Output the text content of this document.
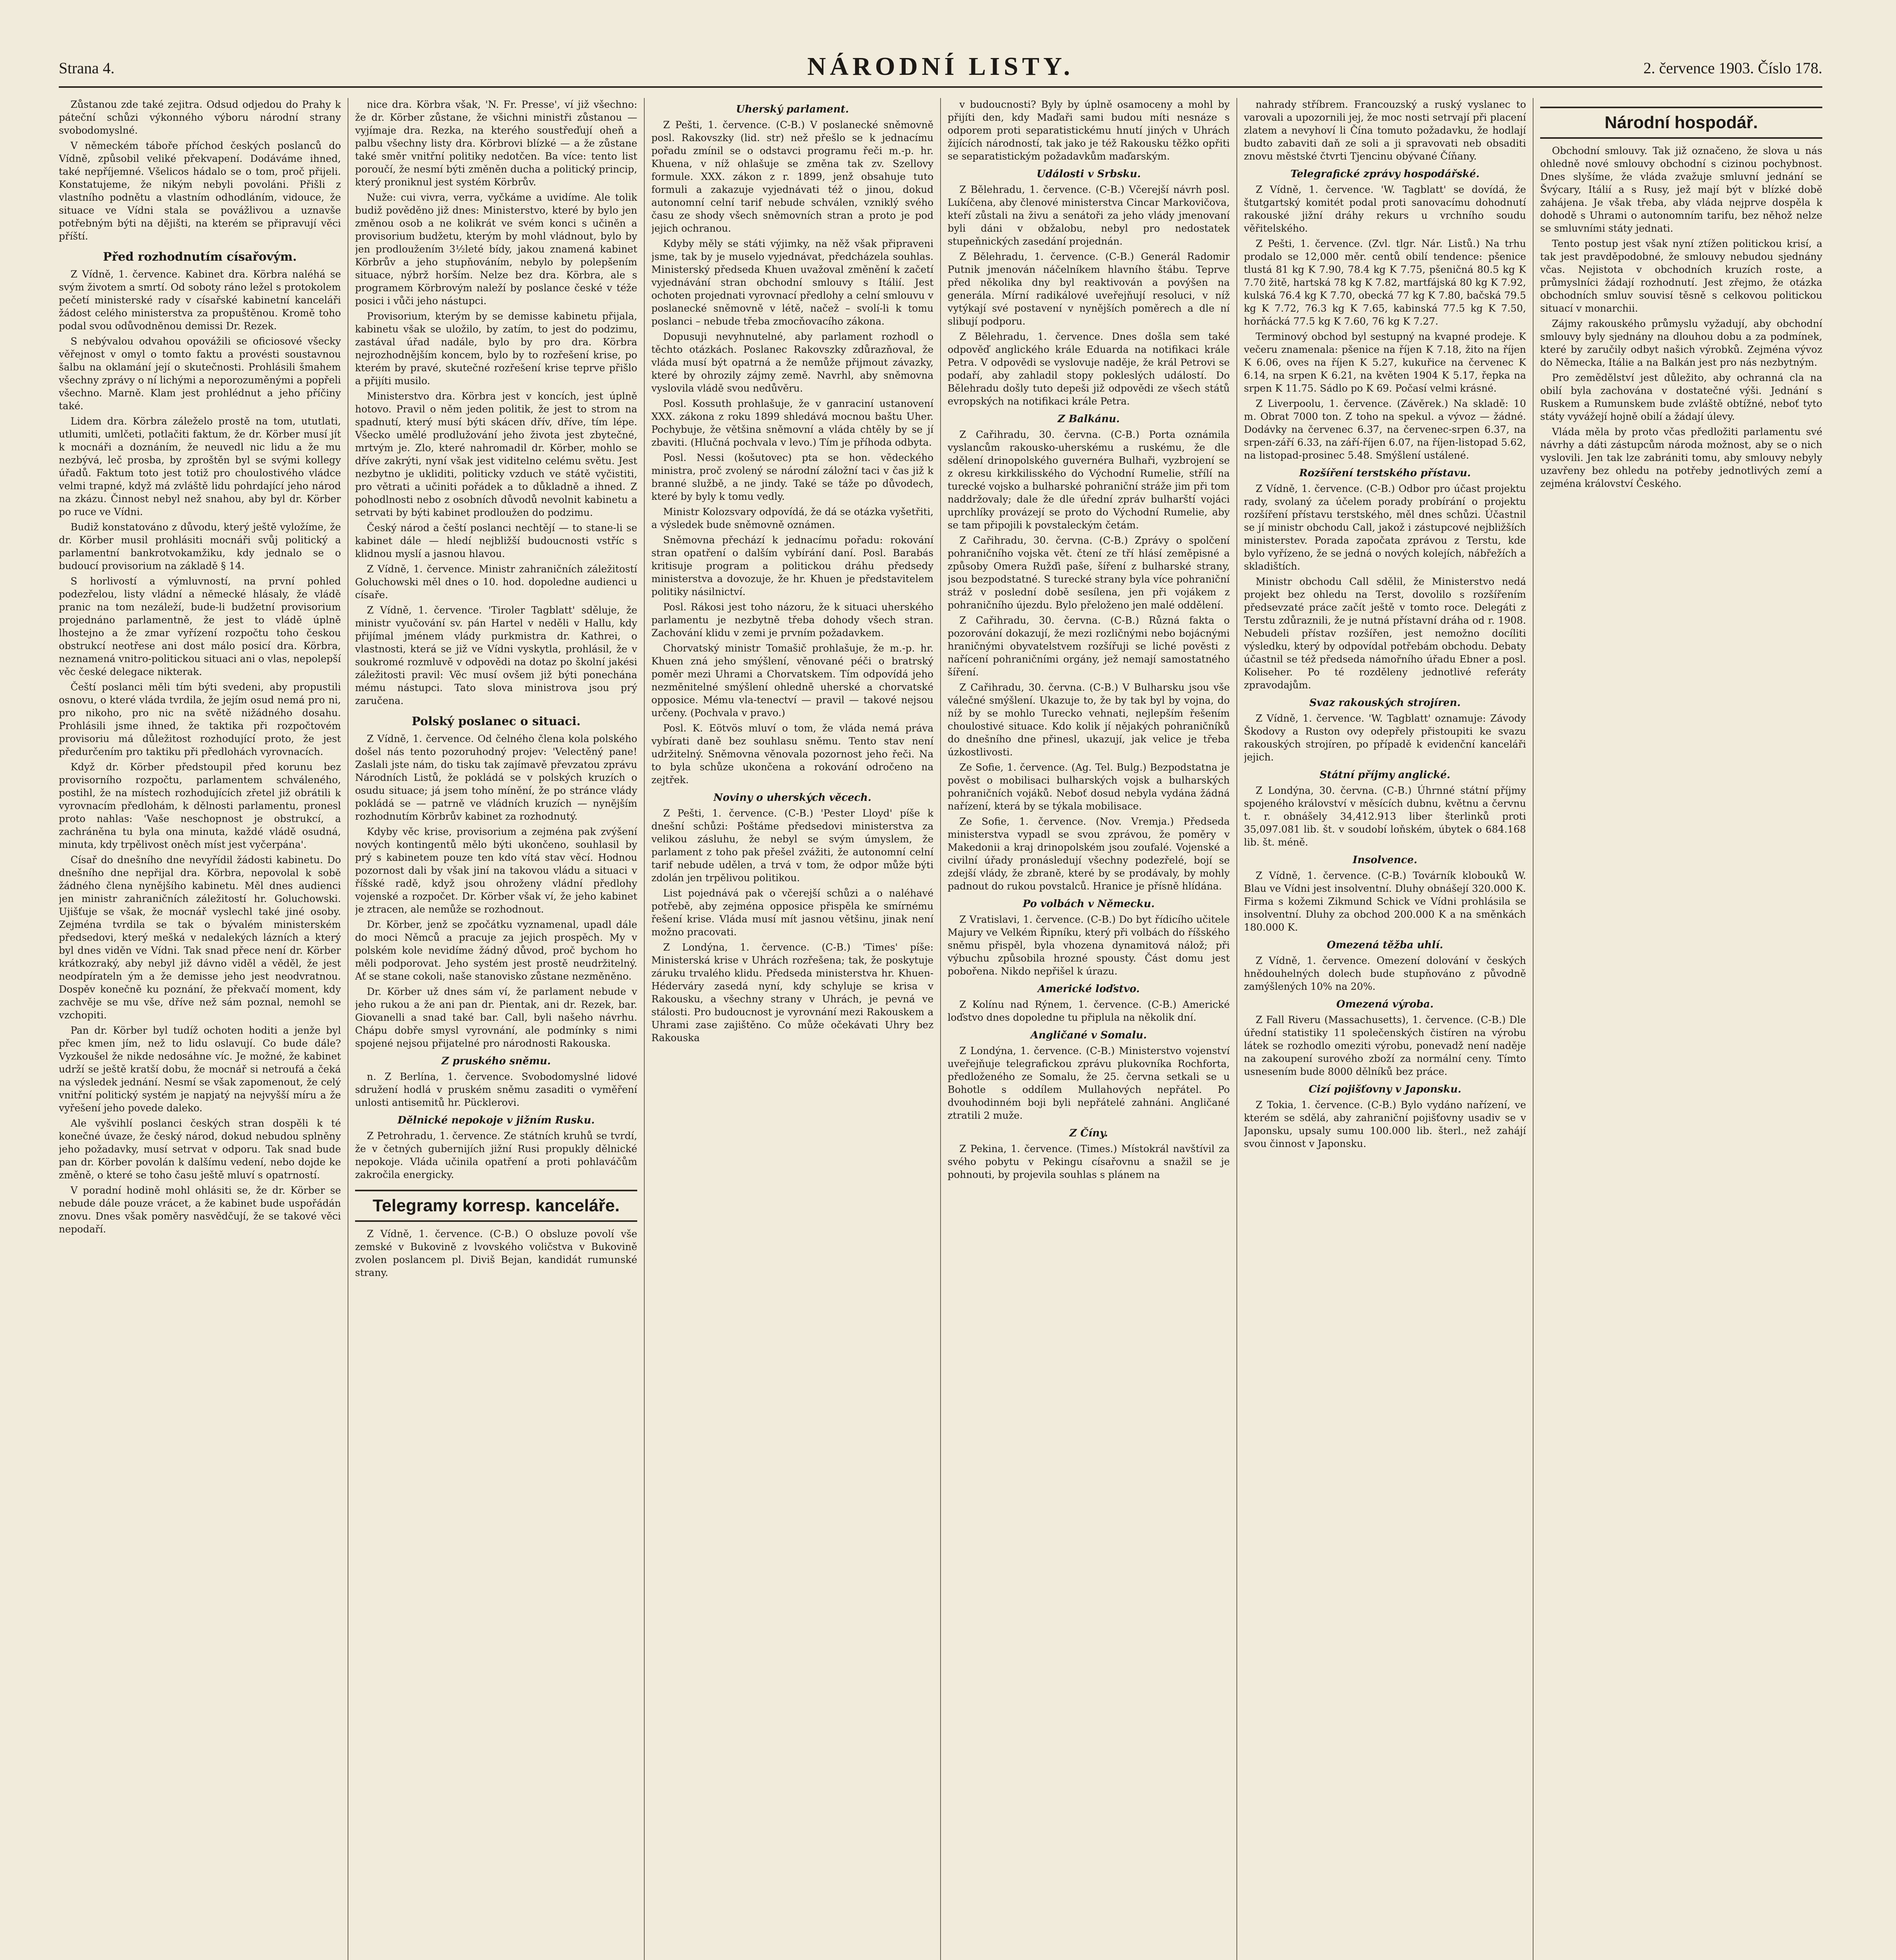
Strana 4.	NÁRODNÍ LISTY.	2. července 1903. Číslo 178.

Zůstanou zde také zejitra. Odsud odjedou do Prahy k páteční schůzi výkonného výboru národní strany svobodomyslné.

V německém táboře příchod českých poslanců do Vídně, způsobil veliké překvapení. Dodáváme ihned, také nepříjemné. Všelicos hádalo se o tom, proč přijeli. Konstatujeme, že nikým nebyli povoláni. Přišli z vlastního podnětu a vlastním odhodláním, vidouce, že situace ve Vídni stala se povážlivou a uznavše potřebným býti na dějišti, na kterém se připravují věci příští.

Před rozhodnutím císařovým.

Z Vídně, 1. července. Kabinet dra. Körbra naléhá se svým životem a smrtí. Od soboty ráno ležel s protokolem pečetí ministerské rady v císařské kabinetní kanceláři žádost celého ministerstva za propuštěnou. Kromě toho podal svou odůvodněnou demissi Dr. Rezek.

S nebývalou odvahou opovážili se oficiosové všecky věřejnost v omyl o tomto faktu a provésti soustavnou šalbu na oklamání její o skutečnosti. Prohlásili šmahem všechny zprávy o ní lichými a neporozuměnými a popřeli všechno. Marně. Klam jest prohlédnut a jeho příčiny také.

Lidem dra. Körbra záleželo prostě na tom, ututlati, utlumiti, umlčeti, potlačiti faktum, že dr. Körber musí jít k mocnáři a doznáním, že neuvedl nic lidu a že mu nezbývá, leč prosba, by zproštěn byl se svými kollegy úřadů. Faktum toto jest totiž pro choulostivého vládce velmi trapné, když má zvláště lidu pohrdající jeho národ na zkázu. Činnost nebyl než snahou, aby byl dr. Körber po ruce ve Vídni.

Budiž konstatováno z důvodu, který ještě vyložíme, že dr. Körber musil prohlásiti mocnáři svůj politický a parlamentní bankrotvokamžiku, kdy jednalo se o budoucí provisorium na základě § 14.

S horlivostí a výmluvností, na první pohled podezřelou, listy vládní a německé hlásaly, že vládě pranic na tom nezáleží, bude-li budžetní provisorium projednáno parlamentně, že jest to vládě úplně lhostejno a že zmar vyřízení rozpočtu toho českou obstrukcí neotřese ani dost málo posicí dra. Körbra, neznamená vnitro-politickou situaci ani o vlas, nepolepší věc české delegace nikterak.

Čeští poslanci měli tím býti svedeni, aby propustili osnovu, o které vláda tvrdila, že jejím osud nemá pro ni, pro nikoho, pro nic na světě nižádného dosahu. Prohlásili jsme ihned, že taktika při rozpočtovém provisoriu má důležitost rozhodující proto, že jest předurčením pro taktiku při předlohách vyrovnacích.

Když dr. Körber předstoupil před korunu bez provisorního rozpočtu, parlamentem schváleného, postihl, že na místech rozhodujících zřetel již obrátili k vyrovnacím předlohám, k dělnosti parlamentu, pronesl proto nahlas: 'Vaše neschopnost je obstrukcí, a zachráněna tu byla ona minuta, každé vládě osudná, minuta, kdy trpělivost oněch míst jest vyčerpána'.

Císař do dnešního dne nevyřídil žádosti kabinetu. Do dnešního dne nepřijal dra. Körbra, nepovolal k sobě žádného člena nynějšího kabinetu. Měl dnes audienci jen ministr zahraničních záležitostí hr. Goluchowski. Ujišťuje se však, že mocnář vyslechl také jiné osoby. Zejména tvrdila se tak o bývalém ministerském předsedovi, který mešká v nedalekých lázních a který byl dnes viděn ve Vídni. Tak snad přece není dr. Körber krátkozraký, aby nebyl již dávno viděl a věděl, že jest neodpírateln ým a že demisse jeho jest neodvratnou. Dospěv konečně ku poznání, že překvačí moment, kdy zachvěje se mu vše, dříve než sám poznal, nemohl se vzchopiti.

Pan dr. Körber byl tudíž ochoten hoditi a jenže byl přec kmen jím, než to lidu oslavují. Co bude dále? Vyzkoušel že nikde nedosáhne víc. Je možné, že kabinet udrží se ještě kratší dobu, že mocnář si netroufá a čeká na výsledek jednání. Nesmí se však zapomenout, že celý vnitřní politický systém je napjatý na nejvyšší míru a že vyřešení jeho povede daleko.

Ale vyšvihlí poslanci českých stran dospěli k té konečné úvaze, že český národ, dokud nebudou splněny jeho požadavky, musí setrvat v odporu. Tak snad bude pan dr. Körber povolán k dalšímu vedení, nebo dojde ke změně, o které se toho času ještě mluví s opatrností.

V poradní hodině mohl ohlásiti se, že dr. Körber se nebude dále pouze vrácet, a že kabinet bude uspořádán znovu. Dnes však poměry nasvědčují, že se takové věci nepodaří.

nice dra. Körbra však, 'N. Fr. Presse', ví již všechno: že dr. Körber zůstane, že všichni ministři zůstanou — vyjímaje dra. Rezka, na kterého soustřeďují oheň a palbu všechny listy dra. Körbrovi blízké — a že zůstane také směr vnitřní politiky nedotčen. Ba více: tento list poroučí, že nesmí býti změněn ducha a politický princip, který proniknul jest systém Körbrův.

Nuže: cui vivra, verra, vyčkáme a uvidíme. Ale tolik budiž pověděno již dnes: Ministerstvo, které by bylo jen změnou osob a ne kolikrát ve svém konci s učiněn a provisorium budžetu, kterým by mohl vládnout, bylo by jen prodloužením 3½leté bídy, jakou znamená kabinet Körbrův a jeho stupňováním, nebylo by polepšením situace, nýbrž horším. Nelze bez dra. Körbra, ale s programem Körbrovým naleží by poslance české v téže posici i vůči jeho nástupci.

Provisorium, kterým by se demisse kabinetu přijala, kabinetu však se uložilo, by zatím, to jest do podzimu, zastával úřad nadále, bylo by pro dra. Körbra nejrozhodnějším koncem, bylo by to rozřešení krise, po kterém by pravé, skutečné rozřešení krise teprve přišlo a přijíti musilo.

Ministerstvo dra. Körbra jest v koncích, jest úplně hotovo. Pravil o něm jeden politik, že jest to strom na spadnutí, který musí býti skácen dřív, dříve, tím lépe. Všecko umělé prodlužování jeho života jest zbytečné, mrtvým je. Zlo, které nahromadil dr. Körber, mohlo se dříve zakrýti, nyní však jest viditelno celému světu. Jest nezbytno je ukliditi, politicky vzduch ve státě vyčistiti, pro větrati a učiniti pořádek a to důkladně a ihned. Z pohodlnosti nebo z osobních důvodů nevolnit kabinetu a setrvati by býti kabinet prodloužen do podzimu.

Český národ a čeští poslanci nechtějí — to stane-li se kabinet dále — hledí nejbližší budoucnosti vstříc s klidnou myslí a jasnou hlavou.

Z Vídně, 1. července. Ministr zahraničních záležitostí Goluchowski měl dnes o 10. hod. dopoledne audienci u císaře.

Z Vídně, 1. července. 'Tiroler Tagblatt' sděluje, že ministr vyučování sv. pán Hartel v neděli v Hallu, kdy přijímal jménem vlády purkmistra dr. Kathrei, o vlastnosti, která se již ve Vídni vyskytla, prohlásil, že v soukromé rozmluvě v odpovědi na dotaz po školní jakési záležitosti pravil: Věc musí ovšem již býti ponechána mému nástupci. Tato slova ministrova jsou prý zaručena.

Polský poslanec o situaci.

Z Vídně, 1. července. Od čelného člena kola polského došel nás tento pozoruhodný projev: 'Velectěný pane! Zaslali jste nám, do tisku tak zajímavě převzatou zprávu Národních Listů, že pokládá se v polských kruzích o osudu situace; já jsem toho mínění, že po stránce vlády pokládá se — patrně ve vládních kruzích — nynějším rozhodnutím Körbrův kabinet za rozhodnutý.

Kdyby věc krise, provisorium a zejména pak zvýšení nových kontingentů mělo býti ukončeno, souhlasil by prý s kabinetem pouze ten kdo vítá stav věcí. Hodnou pozornost dali by však jiní na takovou vládu a situaci v říšské radě, když jsou ohroženy vládní předlohy vojenské a rozpočet. Dr. Körber však ví, že jeho kabinet je ztracen, ale nemůže se rozhodnout.

Dr. Körber, jenž se zpočátku vyznamenal, upadl dále do moci Němců a pracuje za jejich prospěch. My v polském kole nevidíme žádný důvod, proč bychom ho měli podporovat. Jeho systém jest prostě neudržitelný. Ať se stane cokoli, naše stanovisko zůstane nezměněno.

Dr. Körber už dnes sám ví, že parlament nebude v jeho rukou a že ani pan dr. Pientak, ani dr. Rezek, bar. Giovanelli a snad také bar. Call, byli našeho návrhu. Chápu dobře smysl vyrovnání, ale podmínky s nimi spojené nejsou přijatelné pro národnosti Rakouska.

Z pruského sněmu.

n. Z Berlína, 1. července. Svobodomyslné lidové sdružení hodlá v pruském sněmu zasaditi o vyměření unlosti antisemitů hr. Pücklerovi.

Dělnické nepokoje v jižním Rusku.

Z Petrohradu, 1. července. Ze státních kruhů se tvrdí, že v četných gubernijích jižní Rusi propukly dělnické nepokoje. Vláda učinila opatření a proti pohlaváčům zakročila energicky.

Telegramy korresp. kanceláře.

Z Vídně, 1. července. (C-B.) O obsluze povolí vše zemské v Bukovině z lvovského voličstva v Bukovině zvolen poslancem pl. Diviš Bejan, kandidát rumunské strany.

Uherský parlament.

Z Pešti, 1. července. (C-B.) V poslanecké sněmovně posl. Rakovszky (lid. str) než přešlo se k jednacímu pořadu zmínil se o odstavci programu řeči m.-p. hr. Khuena, v níž ohlašuje se změna tak zv. Szellovy formule. XXX. zákon z r. 1899, jenž obsahuje tuto formuli a zakazuje vyjednávati též o jinou, dokud autonomní celní tarif nebude schválen, vzniklý svého času ze shody všech sněmovních stran a proto je pod jejich ochranou.

Kdyby měly se státi výjimky, na něž však připraveni jsme, tak by je muselo vyjednávat, předcházela souhlas. Ministerský předseda Khuen uvažoval změnění k začetí vyjednávání stran obchodní smlouvy s Itálií. Jest ochoten projednati vyrovnací předlohy a celní smlouvu v poslanecké sněmovně v létě, načež – svolí-li k tomu poslanci – nebude třeba zmocňovacího zákona.

Dopusuji nevyhnutelné, aby parlament rozhodl o těchto otázkách. Poslanec Rakovszky zdůrazňoval, že vláda musí být opatrná a že nemůže přijmout závazky, které by ohrozily zájmy země. Navrhl, aby sněmovna vyslovila vládě svou nedůvěru.

Posl. Kossuth prohlašuje, že v ganraciní ustanovení XXX. zákona z roku 1899 shledává mocnou baštu Uher. Pochybuje, že většina sněmovní a vláda chtěly by se jí zbaviti. (Hlučná pochvala v levo.) Tím je příhoda odbyta.

Posl. Nessi (košutovec) pta se hon. vědeckého ministra, proč zvolený se národní záložní taci v čas již k branné službě, a ne jindy. Také se táže po důvodech, které by byly k tomu vedly.

Ministr Kolozsvary odpovídá, že dá se otázka vyšetřiti, a výsledek bude sněmovně oznámen.

Sněmovna přechází k jednacímu pořadu: rokování stran opatření o dalším vybírání daní. Posl. Barabás kritisuje program a politickou dráhu předsedy ministerstva a dovozuje, že hr. Khuen je představitelem politiky násilnictví.

Posl. Rákosi jest toho názoru, že k situaci uherského parlamentu je nezbytně třeba dohody všech stran. Zachování klidu v zemi je prvním požadavkem.

Chorvatský ministr Tomašič prohlašuje, že m.-p. hr. Khuen zná jeho smýšlení, věnované péči o bratrský poměr mezi Uhrami a Chorvatskem. Tím odpovídá jeho nezměnitelné smýšlení ohledně uherské a chorvatské opposice. Mému vla-tenectví — pravil — takové nejsou určeny. (Pochvala v pravo.)

Posl. K. Eötvös mluví o tom, že vláda nemá práva vybírati daně bez souhlasu sněmu. Tento stav není udržitelný. Sněmovna věnovala pozornost jeho řeči. Na to byla schůze ukončena a rokování odročeno na zejtřek.

Noviny o uherských věcech.

Z Pešti, 1. července. (C-B.) 'Pester Lloyd' píše k dnešní schůzi: Poštáme předsedovi ministerstva za velikou zásluhu, že nebyl se svým úmyslem, že parlament z toho pak přešel zvážiti, že autonomní celní tarif nebude udělen, a trvá v tom, že odpor může býti zdolán jen trpělivou politikou.

List pojednává pak o včerejší schůzi a o naléhavé potřebě, aby zejména opposice přispěla ke smírnému řešení krise. Vláda musí mít jasnou většinu, jinak není možno pracovati.

Z Londýna, 1. července. (C-B.) 'Times' píše: Ministerská krise v Uhrách rozřešena; tak, že poskytuje záruku trvalého klidu. Předseda ministerstva hr. Khuen-Héderváry zasedá nyní, kdy schyluje se krisa v Rakousku, a všechny strany v Uhrách, je pevná ve stálosti. Pro budoucnost je vyrovnání mezi Rakouskem a Uhrami zase zajištěno. Co může očekávati Uhry bez Rakouska

v budoucnosti? Byly by úplně osamoceny a mohl by přijíti den, kdy Maďaři sami budou míti nesnáze s odporem proti separatistickému hnutí jiných v Uhrách žijících národností, tak jako je též Rakousku těžko opřiti se separatistickým požadavkům maďarským.

Události v Srbsku.

Z Bělehradu, 1. července. (C-B.) Včerejší návrh posl. Lukíčena, aby členové ministerstva Cincar Markovičova, kteří zůstali na živu a senátoři za jeho vlády jmenovaní byli dáni v obžalobu, nebyl pro nedostatek stupeňnických zasedání projednán.

Z Bělehradu, 1. července. (C-B.) Generál Radomir Putnik jmenován náčelníkem hlavního štábu. Teprve před několika dny byl reaktivován a povýšen na generála. Mírní radikálové uveřejňují resoluci, v níž vytýkají své postavení v nynějších poměrech a dle ní slibují podporu.

Z Bělehradu, 1. července. Dnes došla sem také odpověď anglického krále Eduarda na notifikaci krále Petra. V odpovědi se vyslovuje naděje, že král Petrovi se podaří, aby zahladil stopy pokleslých událostí. Do Bělehradu došly tuto depeši již odpovědi ze všech států evropských na notifikaci krále Petra.

Z Balkánu.

Z Cařihradu, 30. června. (C-B.) Porta oznámila vyslancům rakousko-uherskému a ruskému, že dle sdělení drinopolského guvernéra Bulhaři, vyzbrojení se z okresu kirkkilisského do Východní Rumelie, střílí na turecké vojsko a bulharské pohraniční stráže jim při tom naddržovaly; dale že dle úřední zpráv bulharští vojáci uprchlíky provázejí se proto do Východní Rumelie, aby se tam připojili k povstaleckým četám.

Z Cařihradu, 30. června. (C-B.) Zprávy o spolčení pohraničního vojska vět. čtení ze tří hlásí zeměpisné a způsoby Omera Ružďi paše, šíření z bulharské strany, jsou bezpodstatné. S turecké strany byla více pohraniční stráž v poslední době sesílena, jen při vojákem z pohraničního újezdu. Bylo přeloženo jen malé oddělení.

Z Cařihradu, 30. června. (C-B.) Různá fakta o pozorování dokazují, že mezi rozličnými nebo bojácnými hraničnými obyvatelstvem rozšířuji se liché pověsti z nařícení pohraničními orgány, jež nemají samostatného šíření.

Z Cařihradu, 30. června. (C-B.) V Bulharsku jsou vše válečné smýšlení. Ukazuje to, že by tak byl by vojna, do níž by se mohlo Turecko vehnati, nejlepším řešením choulostivé situace. Kdo kolik jí nějakých pohraničníků do dnešního dne přinesl, ukazují, jak velice je třeba úzkostlivosti.

Ze Sofie, 1. července. (Ag. Tel. Bulg.) Bezpodstatna je pověst o mobilisaci bulharských vojsk a bulharských pohraničních vojáků. Neboť dosud nebyla vydána žádná nařízení, která by se týkala mobilisace.

Ze Sofie, 1. července. (Nov. Vremja.) Předseda ministerstva vypadl se svou zprávou, že poměry v Makedonii a kraj drinopolském jsou zoufalé. Vojenské a civilní úřady pronásledují všechny podezřelé, bojí se zdejší vlády, že zbraně, které by se prodávaly, by mohly padnout do rukou povstalců. Hranice je přísně hlídána.

Po volbách v Německu.

Z Vratislavi, 1. července. (C-B.) Do byt řídicího učitele Majury ve Velkém Řipníku, který při volbách do říšského sněmu přispěl, byla vhozena dynamitová nálož; při výbuchu způsobila hrozné spousty. Část domu jest pobořena. Nikdo nepřišel k úrazu.

Americké loďstvo.

Z Kolínu nad Rýnem, 1. července. (C-B.) Americké loďstvo dnes dopoledne tu připlula na několik dní.

Angličané v Somalu.

Z Londýna, 1. července. (C-B.) Ministerstvo vojenství uveřejňuje telegrafickou zprávu plukovníka Rochforta, předloženého ze Somalu, že 25. června setkali se u Bohotle s oddílem Mullahových nepřátel. Po dvouhodinném boji byli nepřátelé zahnáni. Angličané ztratili 2 muže.

Z Číny.

Z Pekina, 1. července. (Times.) Místokrál navštívil za svého pobytu v Pekingu císařovnu a snažil se je pohnouti, by projevila souhlas s plánem na

nahrady stříbrem. Francouzský a ruský vyslanec to varovali a upozornili jej, že moc nosti setrvají při placení zlatem a nevyhoví li Čína tomuto požadavku, že hodlají budto zabaviti daň ze soli a ji spravovati neb obsaditi znovu městské čtvrti Tjencinu obývané Číňany.

Telegrafické zprávy hospodářské.

Z Vídně, 1. července. 'W. Tagblatt' se dovídá, že štutgartský komitét podal proti sanovacímu dohodnutí rakouské jižní dráhy rekurs u vrchního soudu věřitelského.

Z Pešti, 1. července. (Zvl. tlgr. Nár. Listů.) Na trhu prodalo se 12,000 měr. centů obilí tendence: pšenice tlustá 81 kg K 7.90, 78.4 kg K 7.75, pšeničná 80.5 kg K 7.70 žitě, hartská 78 kg K 7.82, martfájská 80 kg K 7.92, kulská 76.4 kg K 7.70, obecká 77 kg K 7.80, bačská 79.5 kg K 7.72, 76.3 kg K 7.65, kabinská 77.5 kg K 7.50, horňácká 77.5 kg K 7.60, 76 kg K 7.27.

Terminový obchod byl sestupný na kvapné prodeje. K večeru znamenala: pšenice na říjen K 7.18, žito na říjen K 6.06, oves na říjen K 5.27, kukuřice na červenec K 6.14, na srpen K 6.21, na květen 1904 K 5.17, řepka na srpen K 11.75. Sádlo po K 69. Počasí velmi krásné.

Z Liverpoolu, 1. července. (Závěrek.) Na skladě: 10 m. Obrat 7000 ton. Z toho na spekul. a vývoz — žádné. Dodávky na červenec 6.37, na červenec-srpen 6.37, na srpen-září 6.33, na září-říjen 6.07, na říjen-listopad 5.62, na listopad-prosinec 5.48. Smýšlení ustálené.

Rozšíření terstského přístavu.

Z Vídně, 1. července. (C-B.) Odbor pro účast projektu rady, svolaný za účelem porady probírání o projektu rozšíření přístavu terstského, měl dnes schůzi. Účastnil se jí ministr obchodu Call, jakož i zástupcové nejbližších ministerstev. Porada započata zprávou z Terstu, kde bylo vyřízeno, že se jedná o nových kolejích, nábřežích a skladištích.

Ministr obchodu Call sdělil, že Ministerstvo nedá projekt bez ohledu na Terst, dovolilo s rozšířením předsevzaté práce začít ještě v tomto roce. Delegáti z Terstu zdůraznili, že je nutná přístavní dráha od r. 1908. Nebudeli přístav rozšířen, jest nemožno docíliti výsledku, který by odpovídal potřebám obchodu. Debaty účastnil se též předseda námořního úřadu Ebner a posl. Koliseher. Po té rozděleny jednotlivé referáty zpravodajům.

Svaz rakouských strojíren.

Z Vídně, 1. července. 'W. Tagblatt' oznamuje: Závody Škodovy a Ruston ovy odepřely přistoupiti ke svazu rakouských strojíren, po případě k evidenční kanceláři jejich.

Státní příjmy anglické.

Z Londýna, 30. června. (C-B.) Úhrnné státní příjmy spojeného království v měsících dubnu, květnu a červnu t. r. obnášely 34,412.913 liber šterlinků proti 35,097.081 lib. št. v soudobí loňském, úbytek o 684.168 lib. št. méně.

Insolvence.

Z Vídně, 1. července. (C-B.) Továrník klobouků W. Blau ve Vídni jest insolventní. Dluhy obnášejí 320.000 K. Firma s kožemi Zikmund Schick ve Vídni prohlásila se insolventní. Dluhy za obchod 200.000 K a na směnkách 180.000 K.

Omezená těžba uhlí.

Z Vídně, 1. července. Omezení dolování v českých hnědouhelných dolech bude stupňováno z původně zamýšlených 10% na 20%.

Omezená výroba.

Z Fall Riveru (Massachusetts), 1. července. (C-B.) Dle úřední statistiky 11 společenských čistíren na výrobu látek se rozhodlo omeziti výrobu, ponevadž není naděje na zakoupení surového zboží za normální ceny. Tímto usnesením bude 8000 dělníků bez práce.

Cizí pojišťovny v Japonsku.

Z Tokia, 1. července. (C-B.) Bylo vydáno nařízení, ve kterém se sdělá, aby zahraniční pojišťovny usadiv se v Japonsku, upsaly sumu 100.000 lib. šterl., než zahájí svou činnost v Japonsku.

Národní hospodář.

Obchodní smlouvy. Tak již označeno, že slova u nás ohledně nové smlouvy obchodní s cizinou pochybnost. Dnes slyšíme, že vláda zvažuje smluvní jednání se Švýcary, Itálií a s Rusy, jež mají být v blízké době zahájena. Je však třeba, aby vláda nejprve dospěla k dohodě s Uhrami o autonomním tarifu, bez něhož nelze se smluvními státy jednati.

Tento postup jest však nyní ztížen politickou krisí, a tak jest pravděpodobné, že smlouvy nebudou sjednány včas. Nejistota v obchodních kruzích roste, a průmyslníci žádají rozhodnutí. Jest zřejmo, že otázka obchodních smluv souvisí těsně s celkovou politickou situací v monarchii.

Zájmy rakouského průmyslu vyžadují, aby obchodní smlouvy byly sjednány na dlouhou dobu a za podmínek, které by zaručily odbyt našich výrobků. Zejména vývoz do Německa, Itálie a na Balkán jest pro nás nezbytným.

Pro zemědělství jest důležito, aby ochranná cla na obilí byla zachována v dostatečné výši. Jednání s Ruskem a Rumunskem bude zvláště obtížné, neboť tyto státy vyvážejí hojně obilí a žádají úlevy.

Vláda měla by proto včas předložiti parlamentu své návrhy a dáti zástupcům národa možnost, aby se o nich vyslovili. Jen tak lze zabrániti tomu, aby smlouvy nebyly uzavřeny bez ohledu na potřeby jednotlivých zemí a zejména království Českého.
